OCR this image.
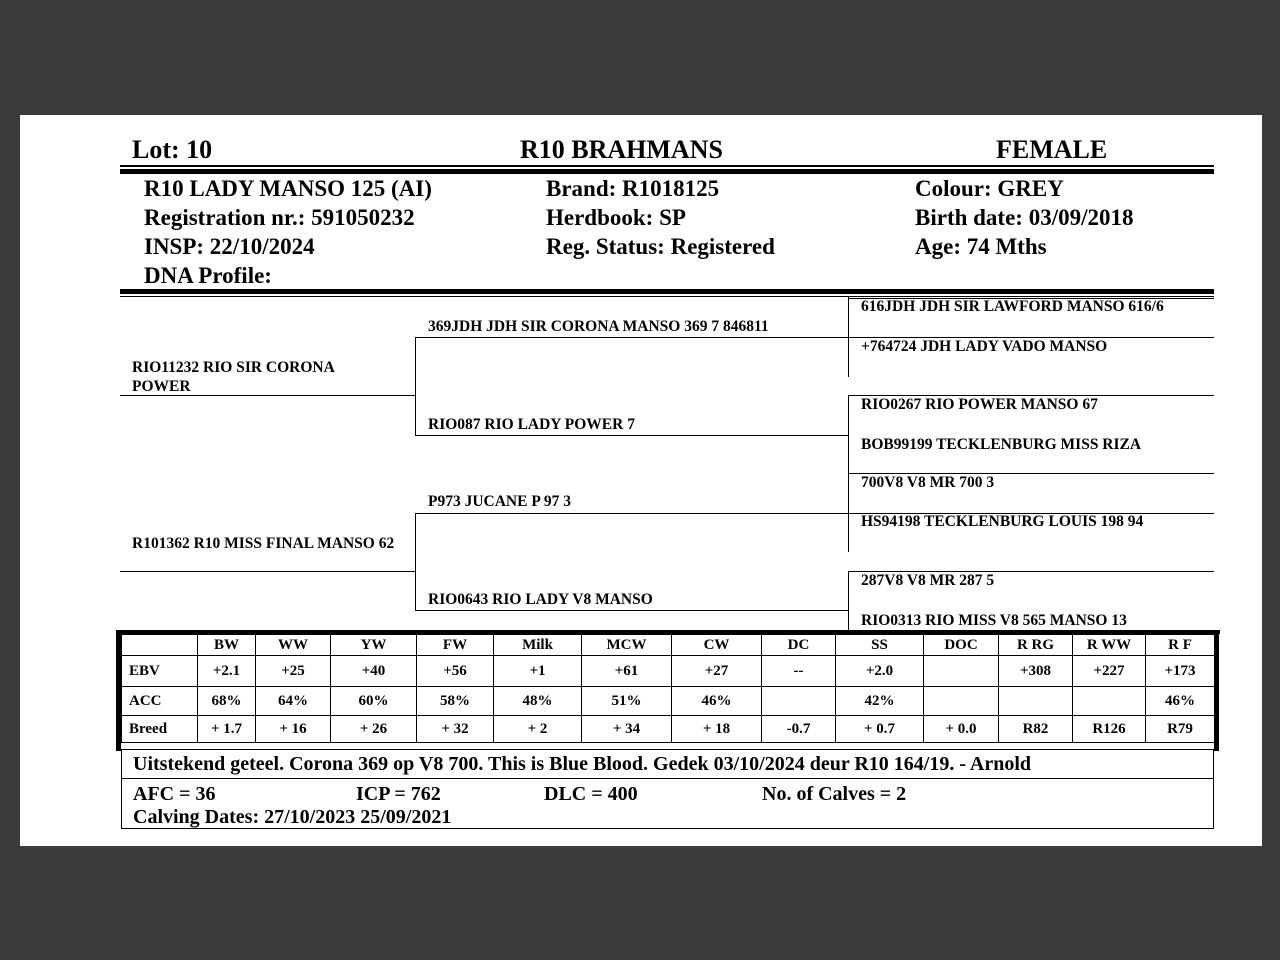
Lot: 10	R10 BRAHMANS	FEMALE
R10 LADY MANSO 125 (AI)
Registration nr.: 591050232
INSP: 22/10/2024
DNA Profile:
Brand: R1018125
Herdbook: SP
Reg. Status: Registered
Colour: GREY
Birth date: 03/09/2018
Age: 74 Mths
RIO11232 RIO SIR CORONA POWER
R101362 R10 MISS FINAL MANSO 62
369JDH JDH SIR CORONA MANSO 369 7 846811
RIO087 RIO LADY POWER 7
P973 JUCANE P 97 3
RIO0643 RIO LADY V8 MANSO
616JDH JDH SIR LAWFORD MANSO 616/6
+764724 JDH LADY VADO MANSO
RIO0267 RIO POWER MANSO 67
BOB99199 TECKLENBURG MISS RIZA
700V8 V8 MR 700 3
HS94198 TECKLENBURG LOUIS 198 94
287V8 V8 MR 287 5
RIO0313 RIO MISS V8 565 MANSO 13
	BW	WW	YW	FW	Milk	MCW	CW	DC	SS	DOC	R RG	R WW	R F
EBV	+2.1	+25	+40	+56	+1	+61	+27	--	+2.0		+308	+227	+173
ACC	68%	64%	60%	58%	48%	51%	46%		42%				46%
Breed	+ 1.7	+ 16	+ 26	+ 32	+ 2	+ 34	+ 18	-0.7	+ 0.7	+ 0.0	R82	R126	R79
Uitstekend geteel. Corona 369 op V8 700. This is Blue Blood. Gedek 03/10/2024 deur R10 164/19. - Arnold
AFC = 36	ICP = 762	DLC = 400	No. of Calves = 2
Calving Dates: 27/10/2023 25/09/2021
